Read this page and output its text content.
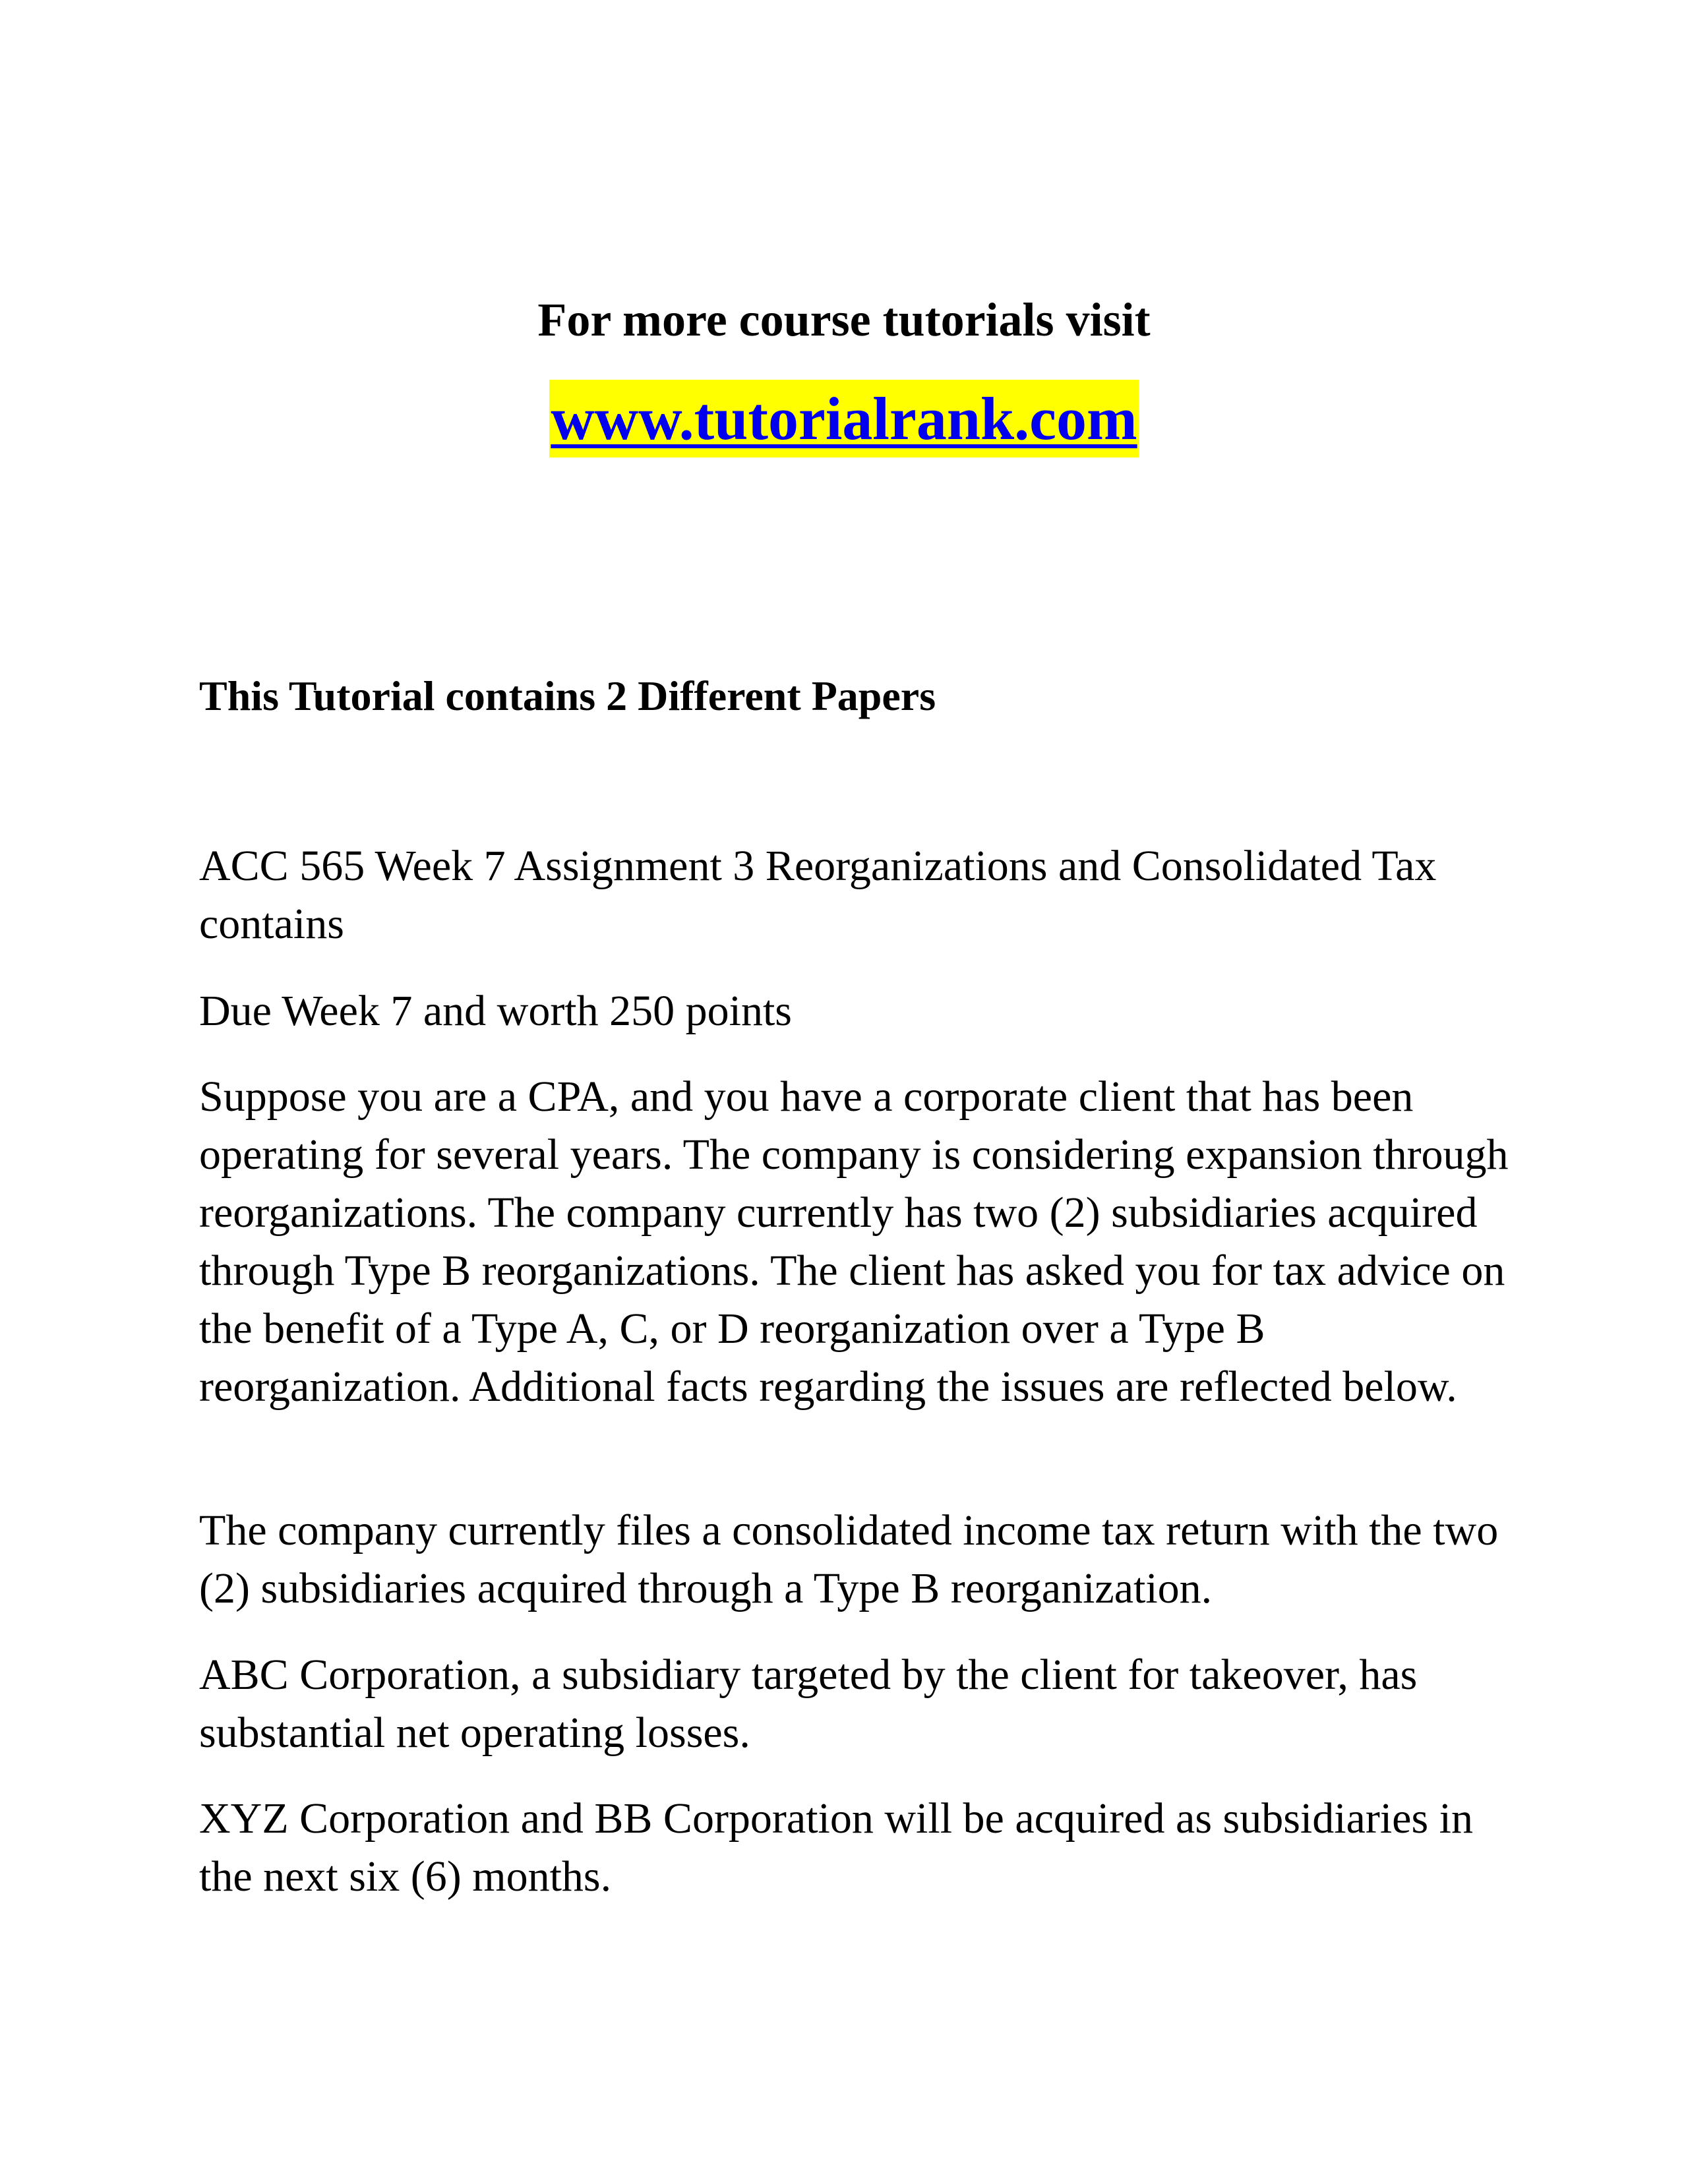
For more course tutorials visit
www.tutorialrank.com
This Tutorial contains 2 Different Papers
ACC 565 Week 7 Assignment 3 Reorganizations and Consolidated Tax contains
Due Week 7 and worth 250 points
Suppose you are a CPA, and you have a corporate client that has been operating for several years. The company is considering expansion through reorganizations. The company currently has two (2) subsidiaries acquired through Type B reorganizations. The client has asked you for tax advice on the benefit of a Type A, C, or D reorganization over a Type B reorganization. Additional facts regarding the issues are reflected below.
The company currently files a consolidated income tax return with the two (2) subsidiaries acquired through a Type B reorganization.
ABC Corporation, a subsidiary targeted by the client for takeover, has substantial net operating losses.
XYZ Corporation and BB Corporation will be acquired as subsidiaries in the next six (6) months.
